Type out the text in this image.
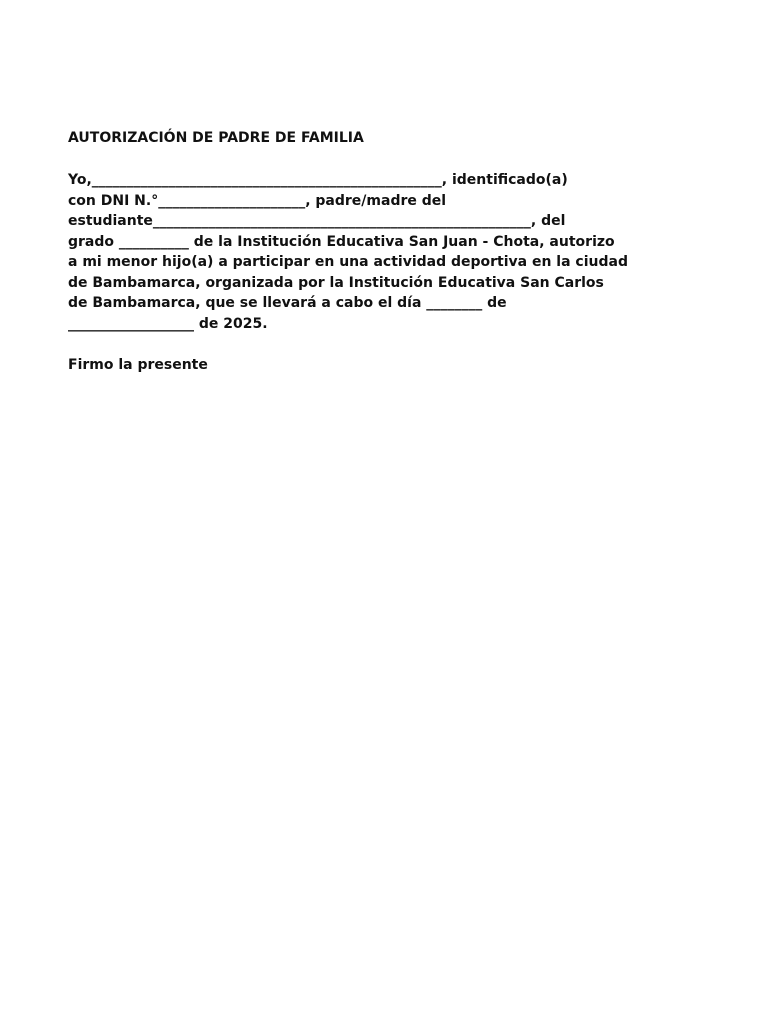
AUTORIZACIÓN DE PADRE DE FAMILIA
Yo,__________________________________________________, identificado(a)
con DNI N.°_____________________, padre/madre del
estudiante______________________________________________________, del
grado __________ de la Institución Educativa San Juan - Chota, autorizo
a mi menor hijo(a) a participar en una actividad deportiva en la ciudad
de Bambamarca, organizada por la Institución Educativa San Carlos
de Bambamarca, que se llevará a cabo el día ________ de
__________________ de 2025.
Firmo la presente
